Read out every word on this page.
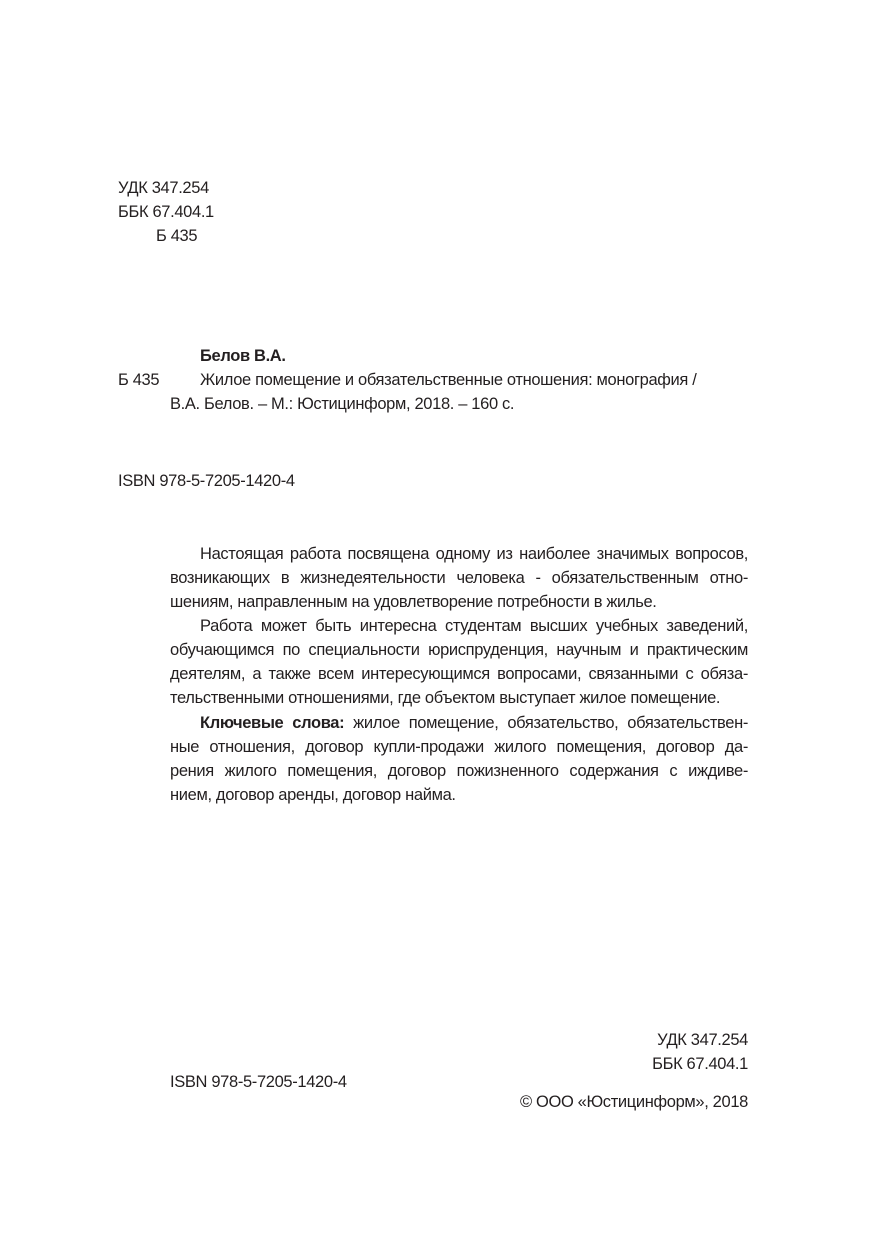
УДК 347.254
ББК 67.404.1
Б 435
Белов В.А.
Б 435 Жилое помещение и обязательственные отношения: монография /
В.А. Белов. – М.: Юстицинформ, 2018. – 160 с.
ISBN 978-5-7205-1420-4
Настоящая работа посвящена одному из наиболее значимых вопросов,
возникающих в жизнедеятельности человека - обязательственным отно-
шениям, направленным на удовлетворение потребности в жилье.
Работа может быть интересна студентам высших учебных заведений,
обучающимся по специальности юриспруденция, научным и практическим
деятелям, а также всем интересующимся вопросами, связанными с обяза-
тельственными отношениями, где объектом выступает жилое помещение.
Ключевые слова: жилое помещение, обязательство, обязательствен-
ные отношения, договор купли-продажи жилого помещения, договор да-
рения жилого помещения, договор пожизненного содержания с иждиве-
нием, договор аренды, договор найма.
УДК 347.254
ББК 67.404.1
ISBN 978-5-7205-1420-4
© ООО «Юстицинформ», 2018
